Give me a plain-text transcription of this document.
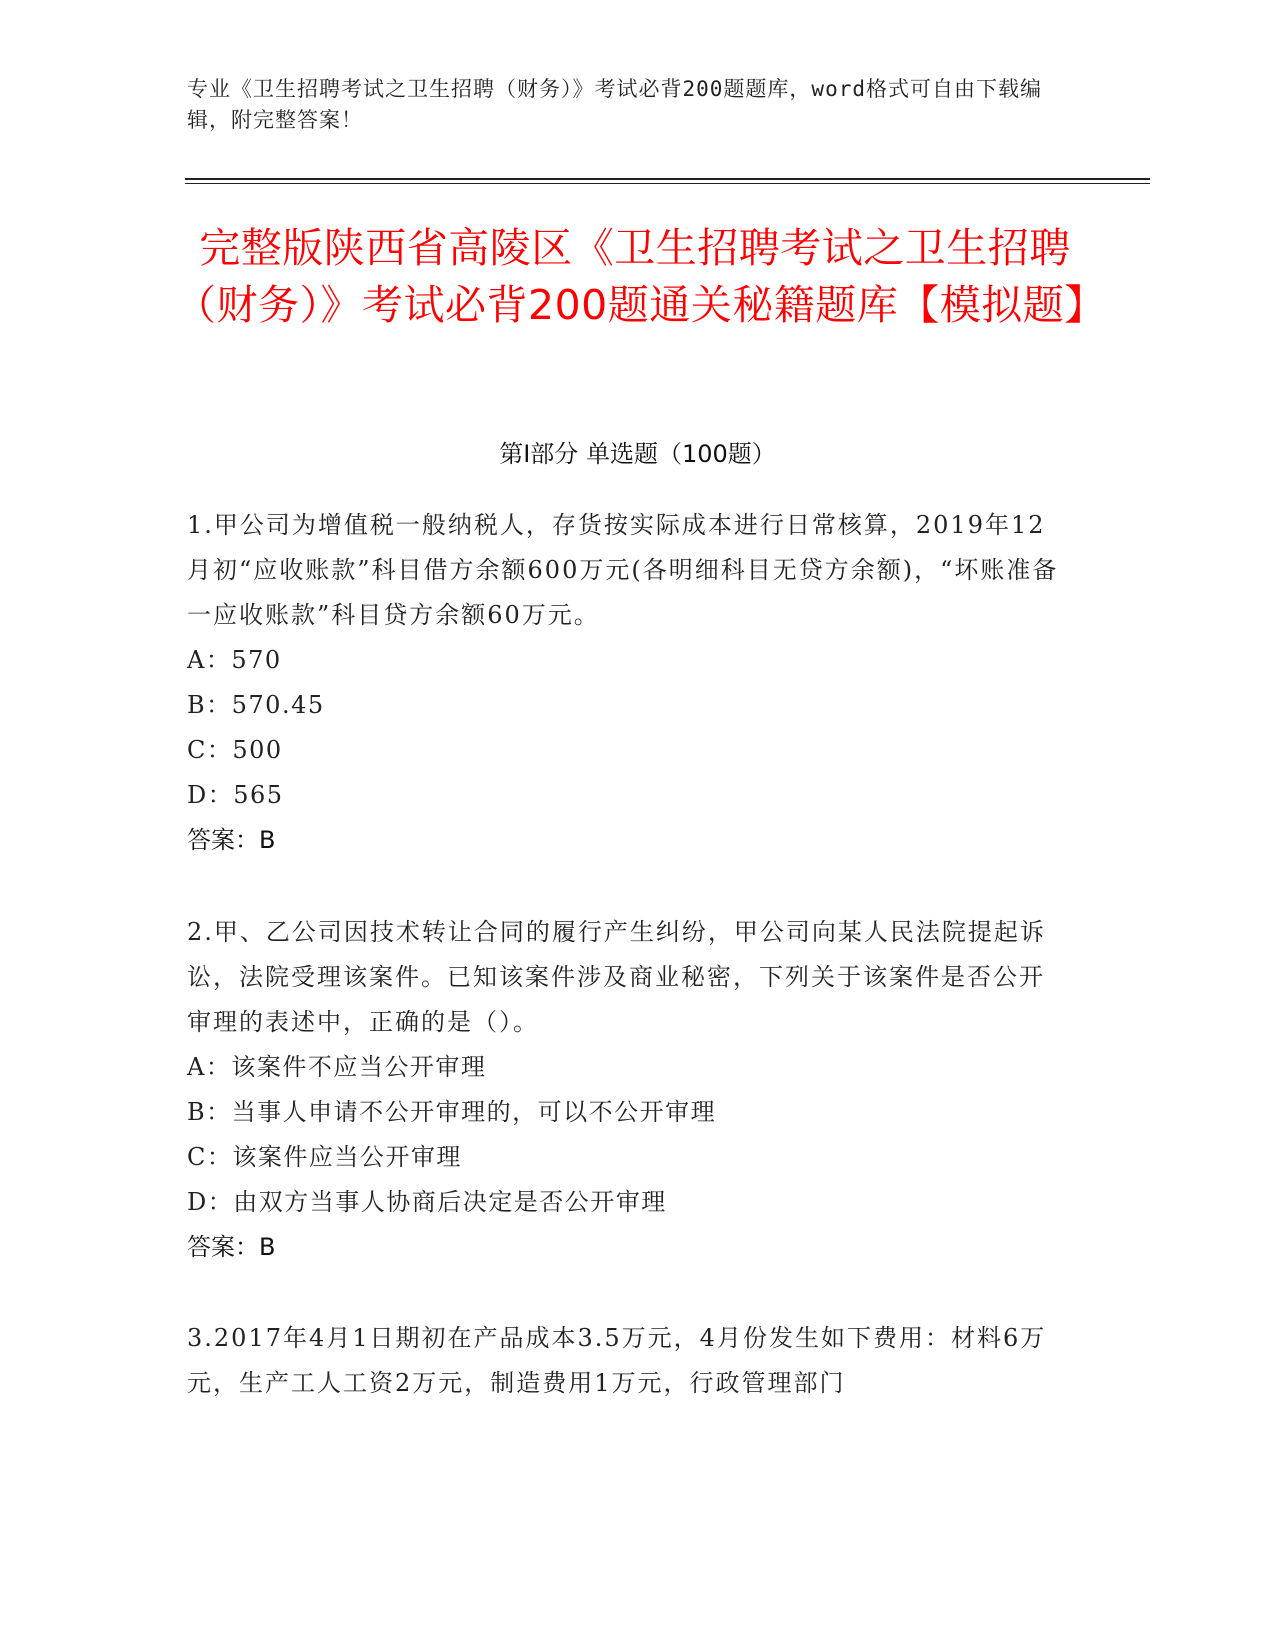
专业《卫生招聘考试之卫生招聘（财务）》考试必背200题题库，word格式可自由下载编辑，附完整答案！
完整版陕西省高陵区《卫生招聘考试之卫生招聘（财务）》考试必背200题通关秘籍题库【模拟题】
第I部分 单选题（100题）

1.甲公司为增值税一般纳税人，存货按实际成本进行日常核算，2019年12月初“应收账款”科目借方余额600万元(各明细科目无贷方余额)，“坏账准备一应收账款”科目贷方余额60万元。

A：570

B：570.45

C：500

D：565

答案：B

2.甲、乙公司因技术转让合同的履行产生纠纷，甲公司向某人民法院提起诉讼，法院受理该案件。已知该案件涉及商业秘密，下列关于该案件是否公开审理的表述中，正确的是（）。

A：该案件不应当公开审理

B：当事人申请不公开审理的，可以不公开审理

C：该案件应当公开审理

D：由双方当事人协商后决定是否公开审理

答案：B

3.2017年4月1日期初在产品成本3.5万元，4月份发生如下费用：材料6万元，生产工人工资2万元，制造费用1万元，行政管理部门
